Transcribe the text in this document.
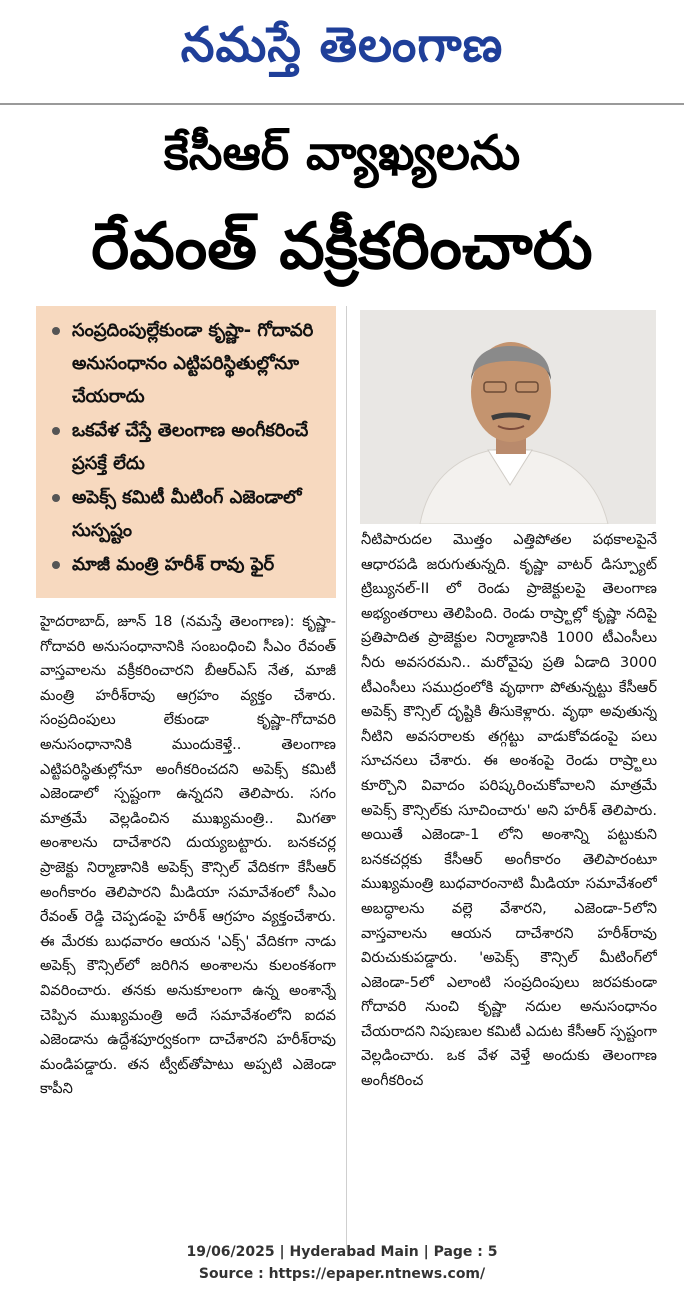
నమస్తే తెలంగాణ
కేసీఆర్ వ్యాఖ్యలను
రేవంత్ వక్రీకరించారు
సంప్రదింపుల్లేకుండా కృష్ణా- గోదావరి అనుసంధానం ఎట్టిపరిస్థితుల్లోనూ చేయరాదు
ఒకవేళ చేస్తే తెలంగాణ అంగీకరించే ప్రసక్తే లేదు
అపెక్స్ కమిటీ మీటింగ్ ఎజెండాలో సుస్పష్టం
మాజీ మంత్రి హరీశ్ రావు ఫైర్

హైదరాబాద్, జూన్ 18 (నమస్తే తెలంగాణ): కృష్ణా-గోదావరి అనుసంధానానికి సంబంధించి సీఎం రేవంత్ వాస్తవాలను వక్రీకరించారని బీఆర్ఎస్ నేత, మాజీ మంత్రి హరీశ్‌రావు ఆగ్రహం వ్యక్తం చేశారు. సంప్రదింపులు లేకుండా కృష్ణా-గోదావరి అనుసంధానానికి ముందుకెళ్తే.. తెలంగాణ ఎట్టిపరిస్థితుల్లోనూ అంగీకరించదని అపెక్స్ కమిటీ ఎజెండాలో స్పష్టంగా ఉన్నదని తెలిపారు. సగం మాత్రమే వెల్లడించిన ముఖ్యమంత్రి.. మిగతా అంశాలను దాచేశారని దుయ్యబట్టారు. బనకచర్ల ప్రాజెక్టు నిర్మాణానికి అపెక్స్ కౌన్సిల్ వేదికగా కేసీఆర్ అంగీకారం తెలిపారని మీడియా సమావేశంలో సీఎం రేవంత్ రెడ్డి చెప్పడంపై హరీశ్ ఆగ్రహం వ్యక్తంచేశారు. ఈ మేరకు బుధవారం ఆయన 'ఎక్స్' వేదికగా నాడు అపెక్స్ కౌన్సిల్‌లో జరిగిన అంశాలను కులంకశంగా వివరించారు. తనకు అనుకూలంగా ఉన్న అంశాన్నే చెప్పిన ముఖ్యమంత్రి అదే సమావేశంలోని ఐదవ ఎజెండాను ఉద్దేశపూర్వకంగా దాచేశారని హరీశ్‌రావు మండిపడ్డారు. తన ట్వీట్‌తోపాటు అప్పటి ఎజెండా కాపీని

నీటిపారుదల మొత్తం ఎత్తిపోతల పథకాలపైనే ఆధారపడి జరుగుతున్నది. కృష్ణా వాటర్ డిస్ప్యూట్ ట్రిబ్యునల్-II లో రెండు ప్రాజెక్టులపై తెలంగాణ అభ్యంతరాలు తెలిపింది. రెండు రాష్ర్టాల్లో కృష్ణా నదిపై ప్రతిపాదిత ప్రాజెక్టుల నిర్మాణానికి 1000 టీఎంసీలు నీరు అవసరమని.. మరోవైపు ప్రతి ఏడాది 3000 టీఎంసీలు సముద్రంలోకి వృథాగా పోతున్నట్టు కేసీఆర్ అపెక్స్ కౌన్సిల్ దృష్టికి తీసుకెళ్లారు. వృథా అవుతున్న నీటిని అవసరాలకు తగ్గట్టు వాడుకోవడంపై పలు సూచనలు చేశారు. ఈ అంశంపై రెండు రాష్ర్టాలు కూర్చొని వివాదం పరిష్కరించుకోవాలని మాత్రమే అపెక్స్ కౌన్సిల్‌కు సూచించారు' అని హరీశ్ తెలిపారు. అయితే ఎజెండా-1 లోని అంశాన్ని పట్టుకుని బనకచర్లకు కేసీఆర్ అంగీకారం తెలిపారంటూ ముఖ్యమంత్రి బుధవారంనాటి మీడియా సమావేశంలో అబద్ధాలను వల్లె వేశారని, ఎజెండా-5లోని వాస్తవాలను ఆయన దాచేశారని హరీశ్‌రావు విరుచుకుపడ్డారు. 'అపెక్స్ కౌన్సిల్ మీటింగ్‌లో ఎజెండా-5లో ఎలాంటి సంప్రదింపులు జరపకుండా గోదావరి నుంచి కృష్ణా నదుల అనుసంధానం చేయరాదని నిపుణుల కమిటీ ఎదుట కేసీఆర్ స్పష్టంగా వెల్లడించారు. ఒక వేళ వెళ్తే అందుకు తెలంగాణ అంగీకరించ

19/06/2025 | Hyderabad Main | Page : 5
Source : https://epaper.ntnews.com/
